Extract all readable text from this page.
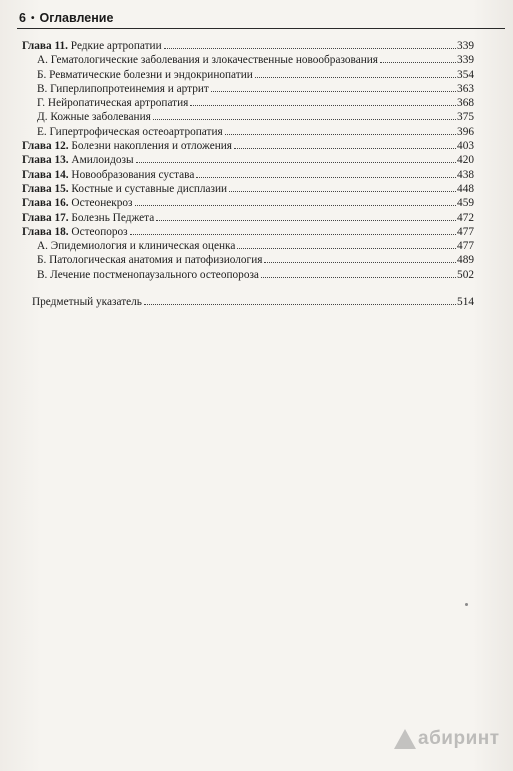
6 • Оглавление
Глава 11. Редкие артропатии	339
А. Гематологические заболевания и злокачественные новообразования	339
Б. Ревматические болезни и эндокринопатии	354
В. Гиперлипопротеинемия и артрит	363
Г. Нейропатическая артропатия	368
Д. Кожные заболевания	375
Е. Гипертрофическая остеоартропатия	396
Глава 12. Болезни накопления и отложения	403
Глава 13. Амилоидозы	420
Глава 14. Новообразования сустава	438
Глава 15. Костные и суставные дисплазии	448
Глава 16. Остеонекроз	459
Глава 17. Болезнь Педжета	472
Глава 18. Остеопороз	477
А. Эпидемиология и клиническая оценка	477
Б. Патологическая анатомия и патофизиология	489
В. Лечение постменопаузального остеопороза	502
Предметный указатель	514
абиринт
